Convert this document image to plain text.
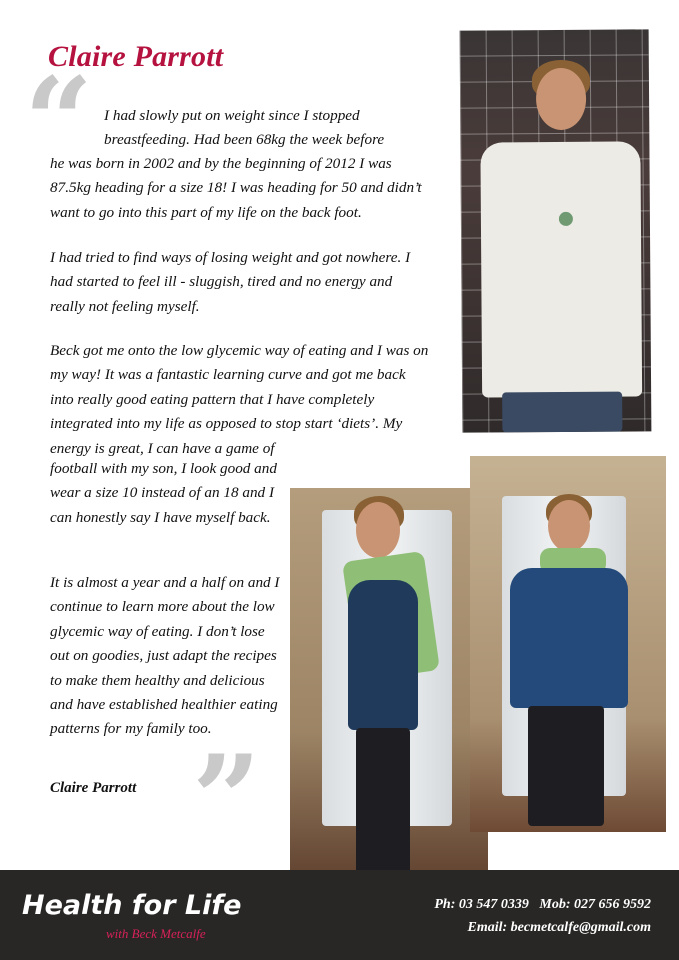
Claire Parrott
“ I had slowly put on weight since I stopped
breastfeeding. Had been 68kg the week before

he was born in 2002 and by the beginning of 2012 I was 87.5kg heading for a size 18! I was heading for 50 and didn’t want to go into this part of my life on the back foot.

I had tried to find ways of losing weight and got nowhere. I had started to feel ill - sluggish, tired and no energy and really not feeling myself.

Beck got me onto the low glycemic way of eating and I was on my way! It was a fantastic learning curve and got me back into really good eating pattern that I have completely integrated into my life as opposed to stop start ‘diets’. My energy is great, I can have a game of

football with my son, I look good and wear a size 10 instead of an 18 and I can honestly say I have myself back.

It is almost a year and a half on and I continue to learn more about the low glycemic way of eating. I don’t lose out on goodies, just adapt the recipes to make them healthy and delicious and have established healthier eating patterns for my family too.

Claire Parrott ”
Health for Life
with Beck Metcalfe
Ph: 03 547 0339   Mob: 027 656 9592
Email: becmetcalfe@gmail.com
